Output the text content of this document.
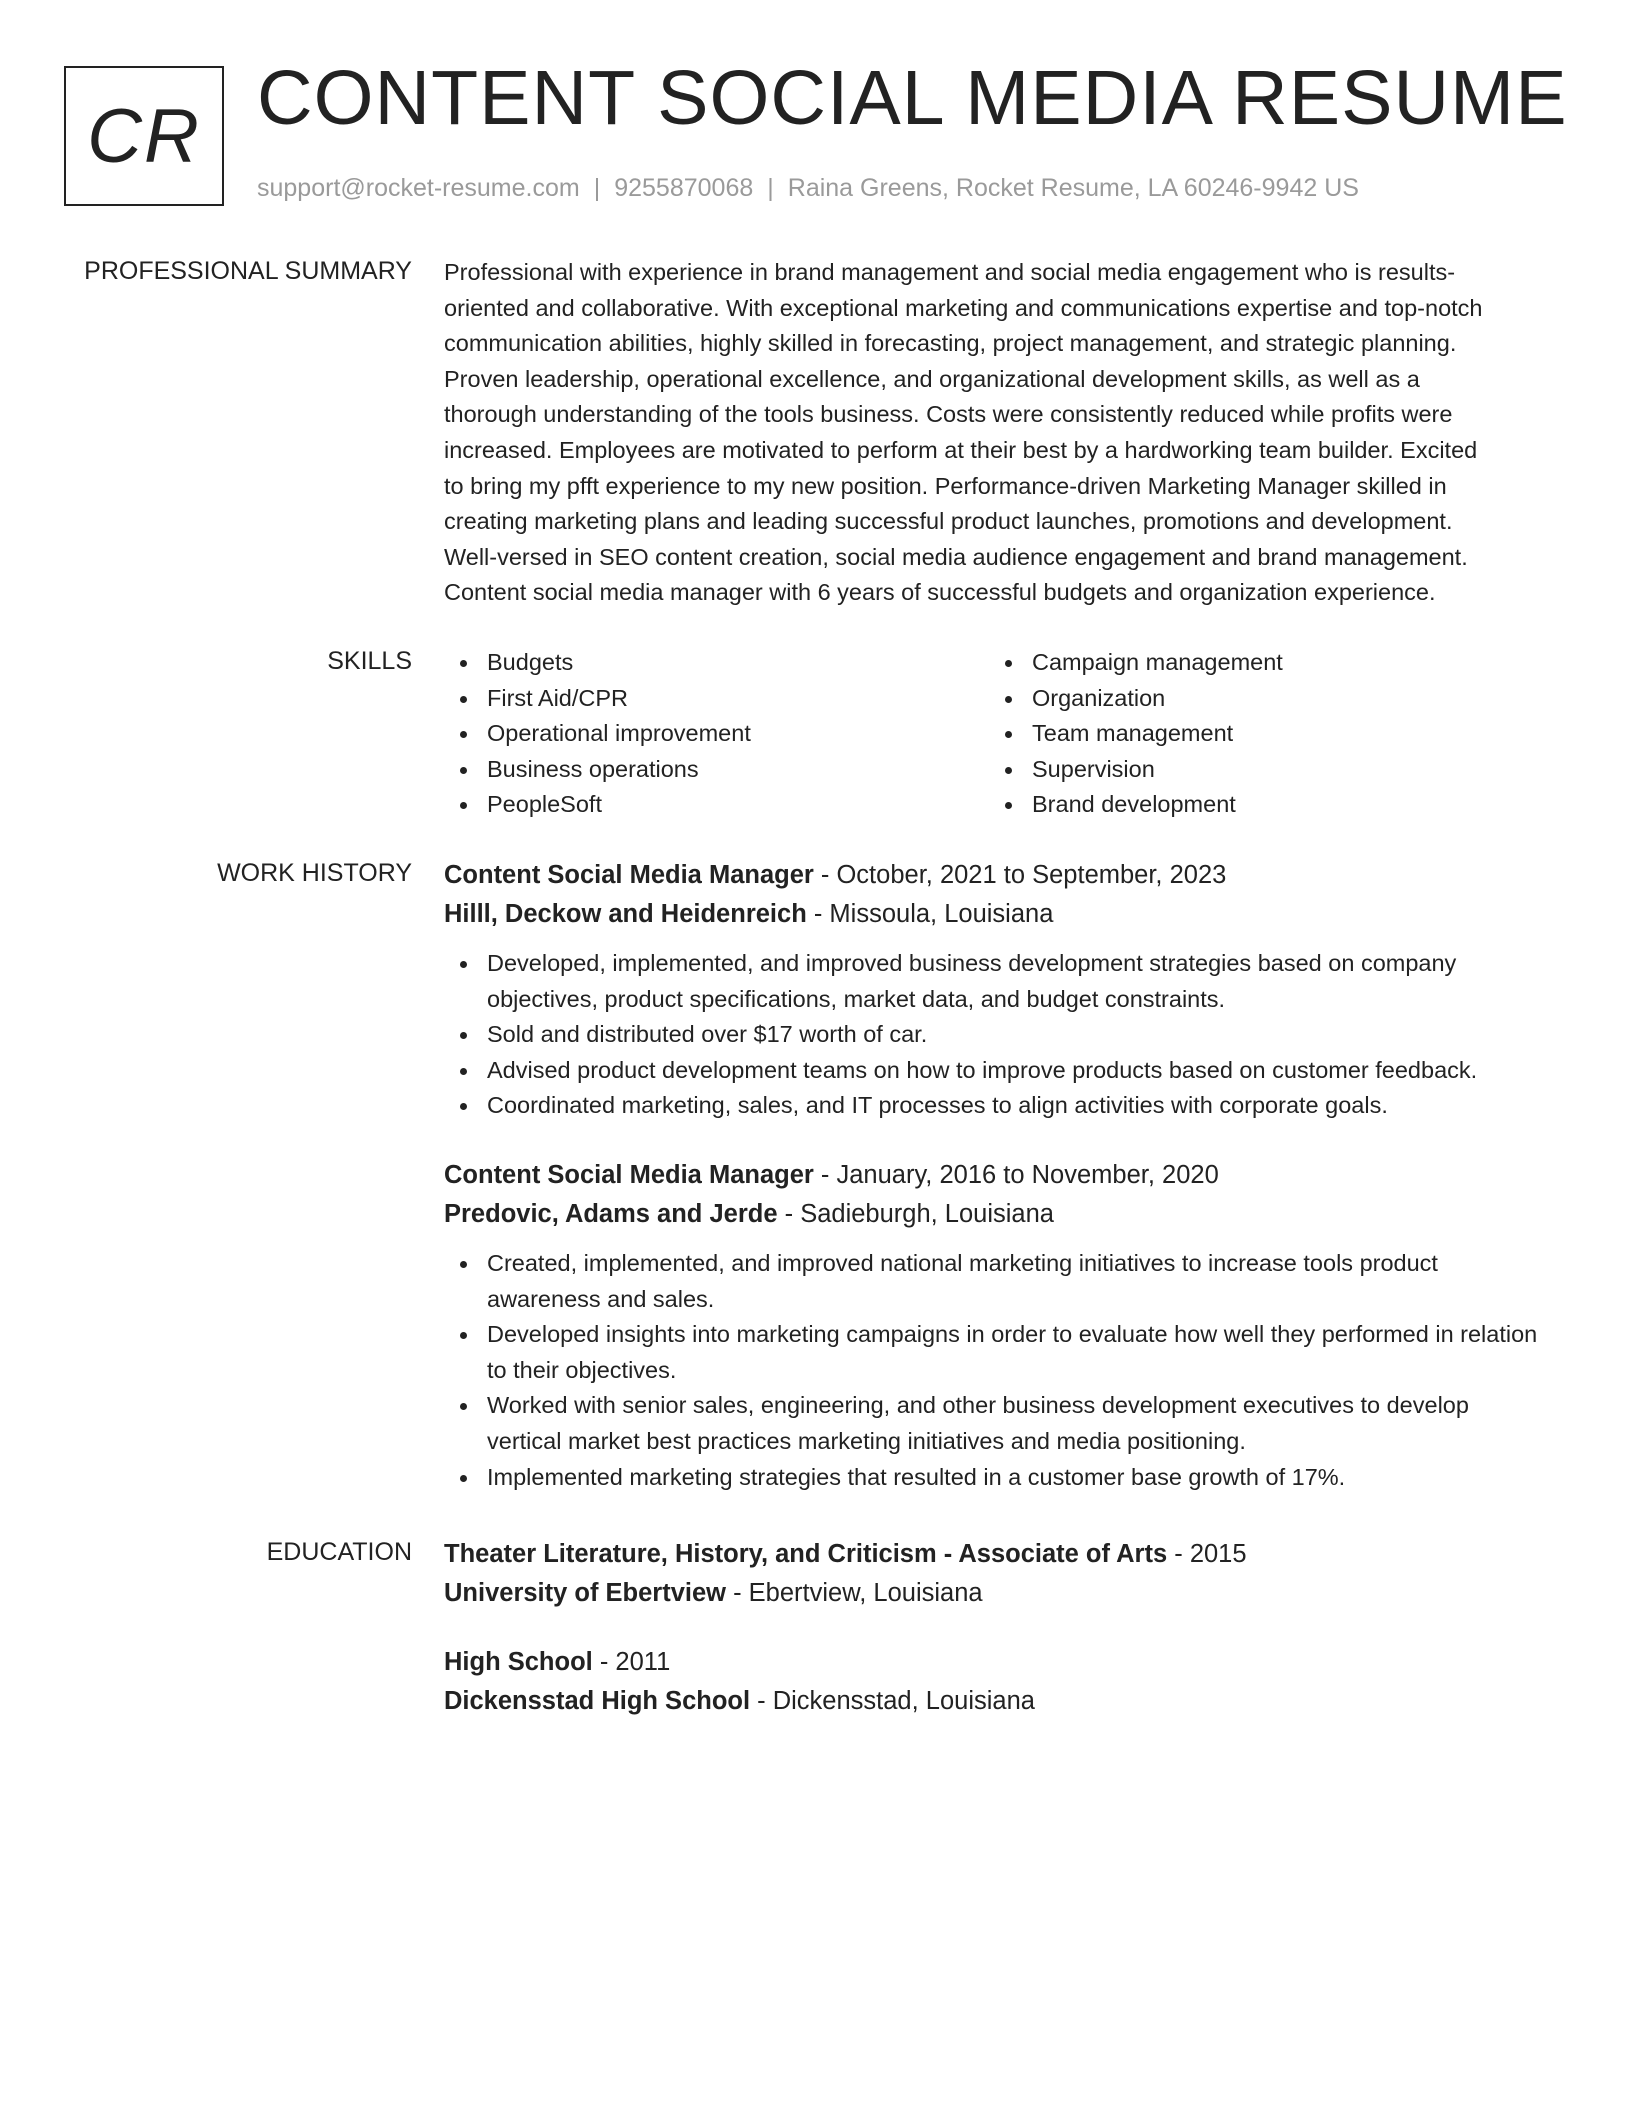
CR CONTENT SOCIAL MEDIA RESUME
support@rocket-resume.com | 9255870068 | Raina Greens, Rocket Resume, LA 60246-9942 US
PROFESSIONAL SUMMARY Professional with experience in brand management and social media engagement who is results-
oriented and collaborative. With exceptional marketing and communications expertise and top-notch
communication abilities, highly skilled in forecasting, project management, and strategic planning.
Proven leadership, operational excellence, and organizational development skills, as well as a
thorough understanding of the tools business. Costs were consistently reduced while profits were
increased. Employees are motivated to perform at their best by a hardworking team builder. Excited
to bring my pfft experience to my new position. Performance-driven Marketing Manager skilled in
creating marketing plans and leading successful product launches, promotions and development.
Well-versed in SEO content creation, social media audience engagement and brand management.
Content social media manager with 6 years of successful budgets and organization experience.
SKILLS	Budgets
First Aid/CPR
Operational improvement
Business operations
PeopleSoft
Campaign management
Organization
Team management
Supervision
Brand development
WORK HISTORY Content Social Media Manager - October, 2021 to September, 2023
Hilll, Deckow and Heidenreich - Missoula, Louisiana
Developed, implemented, and improved business development strategies based on company objectives, product specifications, market data, and budget constraints.
Sold and distributed over $17 worth of car.
Advised product development teams on how to improve products based on customer feedback.
Coordinated marketing, sales, and IT processes to align activities with corporate goals.
Content Social Media Manager - January, 2016 to November, 2020
Predovic, Adams and Jerde - Sadieburgh, Louisiana
Created, implemented, and improved national marketing initiatives to increase tools product awareness and sales.
Developed insights into marketing campaigns in order to evaluate how well they performed in relation to their objectives.
Worked with senior sales, engineering, and other business development executives to develop vertical market best practices marketing initiatives and media positioning.
Implemented marketing strategies that resulted in a customer base growth of 17%.
EDUCATION Theater Literature, History, and Criticism - Associate of Arts - 2015
University of Ebertview - Ebertview, Louisiana
High School - 2011
Dickensstad High School - Dickensstad, Louisiana
